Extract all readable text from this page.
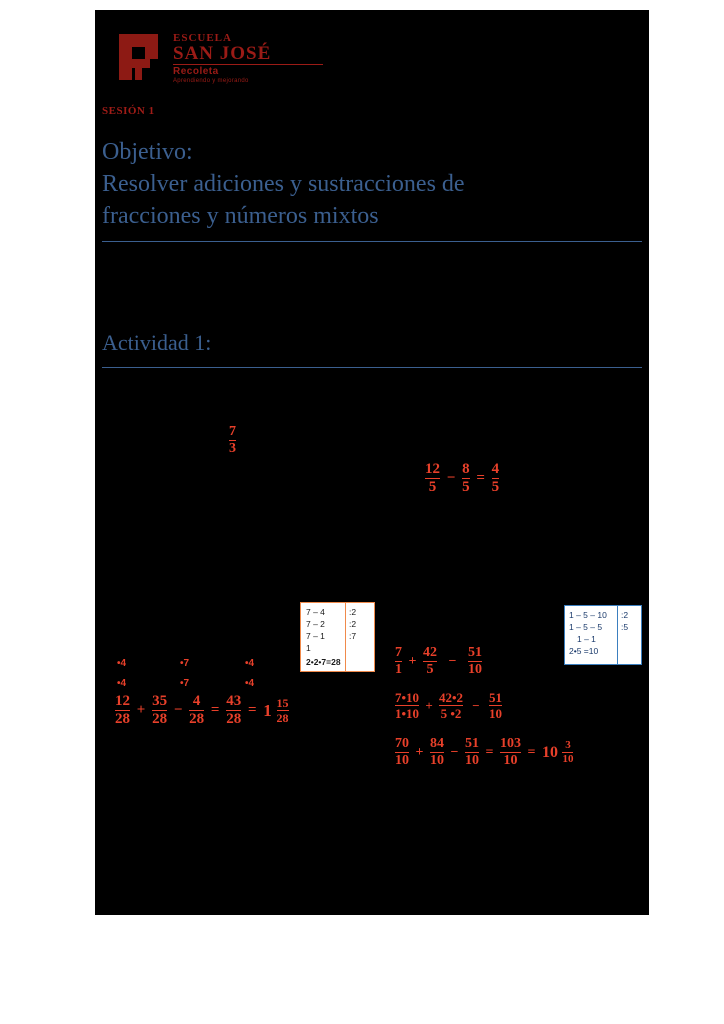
ESCUELA
SAN JOSÉ
Recoleta
Aprendiendo y mejorando
SESIÓN 1
Objetivo:
Resolver adiciones y sustracciones de
fracciones y números mixtos
Actividad 1:
$\frac{7}{3}$
$\frac{12}{5} - \frac{8}{5} = \frac{4}{5}$
7 – 4	:2
7 – 2	:2
7 – 1	:7
1
2•2•7=28
1 – 5 – 10 :2
1 – 5 – 5 :5
1 – 1
2•5 =10
•4	•7	•4
•4	•7	•4
$\frac{12}{28} + \frac{35}{28} - \frac{4}{28} = \frac{43}{28} = 1 \frac{15}{28}$
$\frac{7}{1} + \frac{42}{5} - \frac{51}{10}$
$\frac{7•10}{1•10} + \frac{42•2}{5 •2} - \frac{51}{10}$
$\frac{70}{10} + \frac{84}{10} - \frac{51}{10} = \frac{103}{10} = 10 \frac{3}{10}$
